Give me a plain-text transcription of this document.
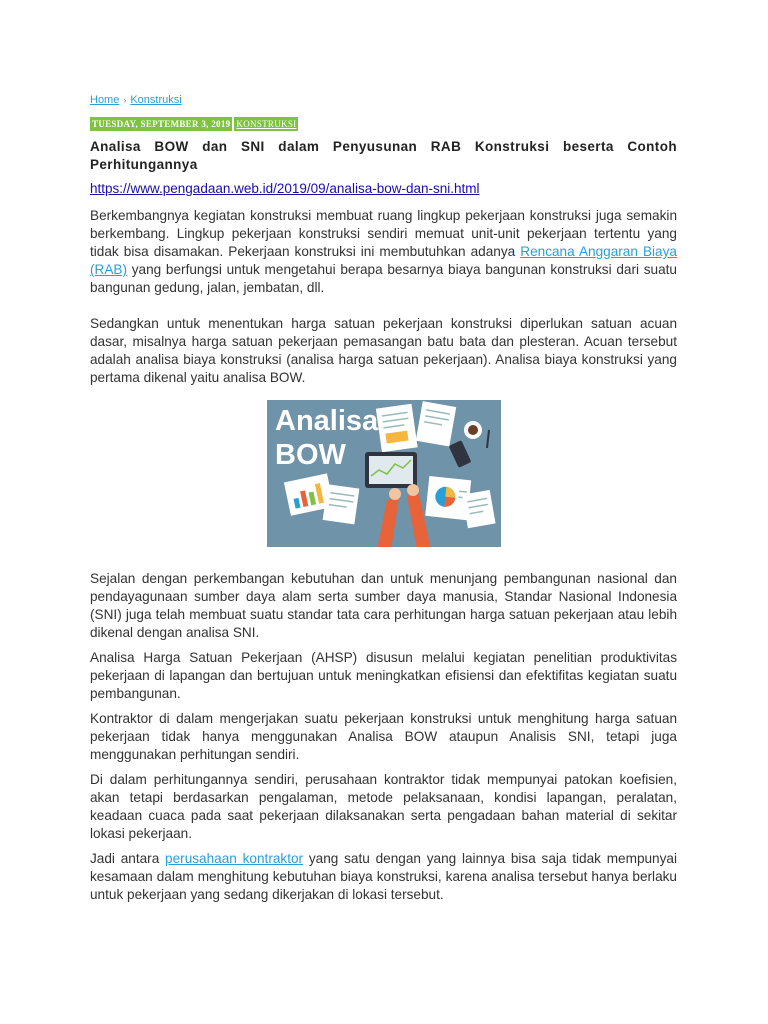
Home › Konstruksi
TUESDAY, SEPTEMBER 3, 2019 KONSTRUKSI
Analisa BOW dan SNI dalam Penyusunan RAB Konstruksi beserta Contoh Perhitungannya
https://www.pengadaan.web.id/2019/09/analisa-bow-dan-sni.html

Berkembangnya kegiatan konstruksi membuat ruang lingkup pekerjaan konstruksi juga semakin berkembang. Lingkup pekerjaan konstruksi sendiri memuat unit-unit pekerjaan tertentu yang tidak bisa disamakan. Pekerjaan konstruksi ini membutuhkan adanya Rencana Anggaran Biaya (RAB) yang berfungsi untuk mengetahui berapa besarnya biaya bangunan konstruksi dari suatu bangunan gedung, jalan, jembatan, dll.

Sedangkan untuk menentukan harga satuan pekerjaan konstruksi diperlukan satuan acuan dasar, misalnya harga satuan pekerjaan pemasangan batu bata dan plesteran. Acuan tersebut adalah analisa biaya konstruksi (analisa harga satuan pekerjaan). Analisa biaya konstruksi yang pertama dikenal yaitu analisa BOW.

Analisa
BOW

Sejalan dengan perkembangan kebutuhan dan untuk menunjang pembangunan nasional dan pendayagunaan sumber daya alam serta sumber daya manusia, Standar Nasional Indonesia (SNI) juga telah membuat suatu standar tata cara perhitungan harga satuan pekerjaan atau lebih dikenal dengan analisa SNI.

Analisa Harga Satuan Pekerjaan (AHSP) disusun melalui kegiatan penelitian produktivitas pekerjaan di lapangan dan bertujuan untuk meningkatkan efisiensi dan efektifitas kegiatan suatu pembangunan.

Kontraktor di dalam mengerjakan suatu pekerjaan konstruksi untuk menghitung harga satuan pekerjaan tidak hanya menggunakan Analisa BOW ataupun Analisis SNI, tetapi juga menggunakan perhitungan sendiri.

Di dalam perhitungannya sendiri, perusahaan kontraktor tidak mempunyai patokan koefisien, akan tetapi berdasarkan pengalaman, metode pelaksanaan, kondisi lapangan, peralatan, keadaan cuaca pada saat pekerjaan dilaksanakan serta pengadaan bahan material di sekitar lokasi pekerjaan.

Jadi antara perusahaan kontraktor yang satu dengan yang lainnya bisa saja tidak mempunyai kesamaan dalam menghitung kebutuhan biaya konstruksi, karena analisa tersebut hanya berlaku untuk pekerjaan yang sedang dikerjakan di lokasi tersebut.
